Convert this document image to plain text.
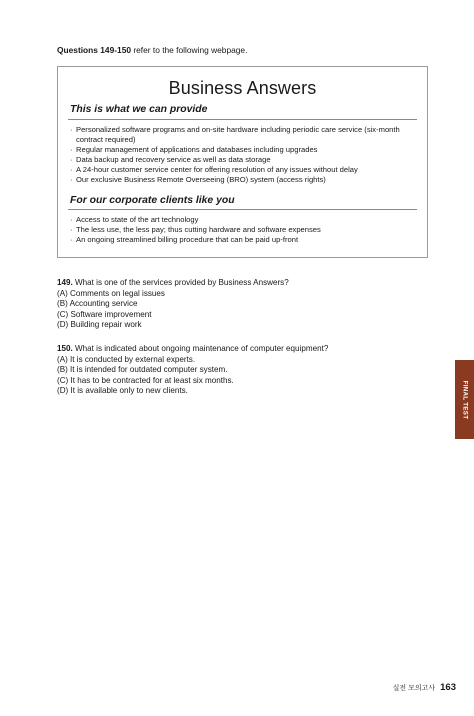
Questions 149-150 refer to the following webpage.
Business Answers
This is what we can provide
· Personalized software programs and on-site hardware including periodic care service (six-month contract required)
· Regular management of applications and databases including upgrades
· Data backup and recovery service as well as data storage
· A 24-hour customer service center for offering resolution of any issues without delay
· Our exclusive Business Remote Overseeing (BRO) system (access rights)
For our corporate clients like you
· Access to state of the art technology
· The less use, the less pay; thus cutting hardware and software expenses
· An ongoing streamlined billing procedure that can be paid up-front
149. What is one of the services provided by Business Answers?
(A) Comments on legal issues
(B) Accounting service
(C) Software improvement
(D) Building repair work
150. What is indicated about ongoing maintenance of computer equipment?
(A) It is conducted by external experts.
(B) It is intended for outdated computer system.
(C) It has to be contracted for at least six months.
(D) It is available only to new clients.	FINAL TEST
실전 모의고사 163
